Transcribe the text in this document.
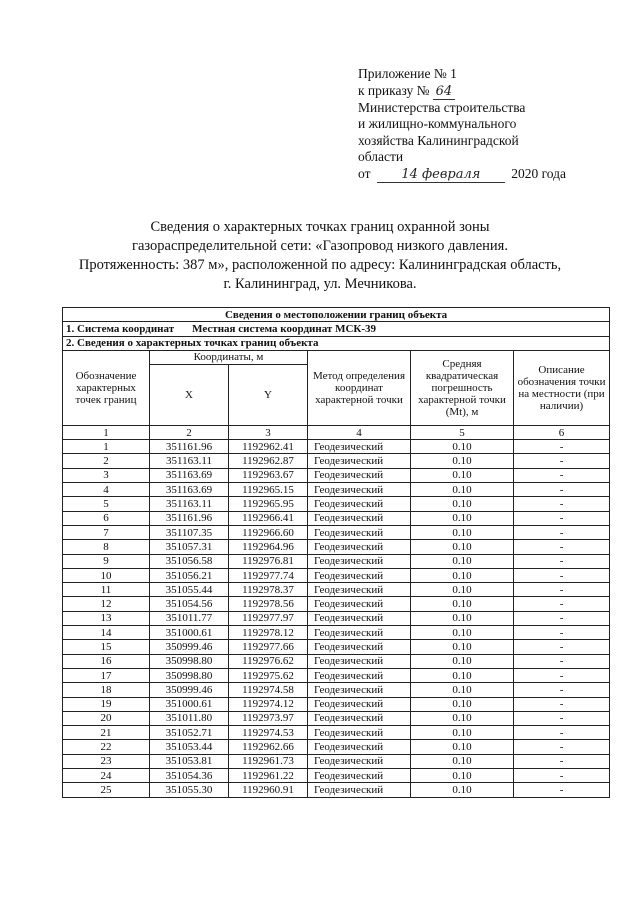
Приложение № 1
к приказу № 64
Министерства строительства
и жилищно-коммунального
хозяйства Калининградской
области
от 14 февраля 2020 года
Сведения о характерных точках границ охранной зоны
газораспределительной сети: «Газопровод низкого давления.
Протяженность: 387 м», расположенной по адресу: Калининградская область,
г. Калининград, ул. Мечникова.
Сведения о местоположении границ объекта					
1. Система координат Местная система координат МСК-39					
2. Сведения о характерных точках границ объекта					
Обозначение характерных точек границ	Координаты, м		Метод определения координат характерной точки	Средняя квадратическая погрешность характерной точки (Mt), м	Описание обозначения точки на местности (при наличии)
	X	Y			
1	2	3	4	5	6
1	351161.96	1192962.41	Геодезический	0.10	-
2	351163.11	1192962.87	Геодезический	0.10	-
3	351163.69	1192963.67	Геодезический	0.10	-
4	351163.69	1192965.15	Геодезический	0.10	-
5	351163.11	1192965.95	Геодезический	0.10	-
6	351161.96	1192966.41	Геодезический	0.10	-
7	351107.35	1192966.60	Геодезический	0.10	-
8	351057.31	1192964.96	Геодезический	0.10	-
9	351056.58	1192976.81	Геодезический	0.10	-
10	351056.21	1192977.74	Геодезический	0.10	-
11	351055.44	1192978.37	Геодезический	0.10	-
12	351054.56	1192978.56	Геодезический	0.10	-
13	351011.77	1192977.97	Геодезический	0.10	-
14	351000.61	1192978.12	Геодезический	0.10	-
15	350999.46	1192977.66	Геодезический	0.10	-
16	350998.80	1192976.62	Геодезический	0.10	-
17	350998.80	1192975.62	Геодезический	0.10	-
18	350999.46	1192974.58	Геодезический	0.10	-
19	351000.61	1192974.12	Геодезический	0.10	-
20	351011.80	1192973.97	Геодезический	0.10	-
21	351052.71	1192974.53	Геодезический	0.10	-
22	351053.44	1192962.66	Геодезический	0.10	-
23	351053.81	1192961.73	Геодезический	0.10	-
24	351054.36	1192961.22	Геодезический	0.10	-
25	351055.30	1192960.91	Геодезический	0.10	-
